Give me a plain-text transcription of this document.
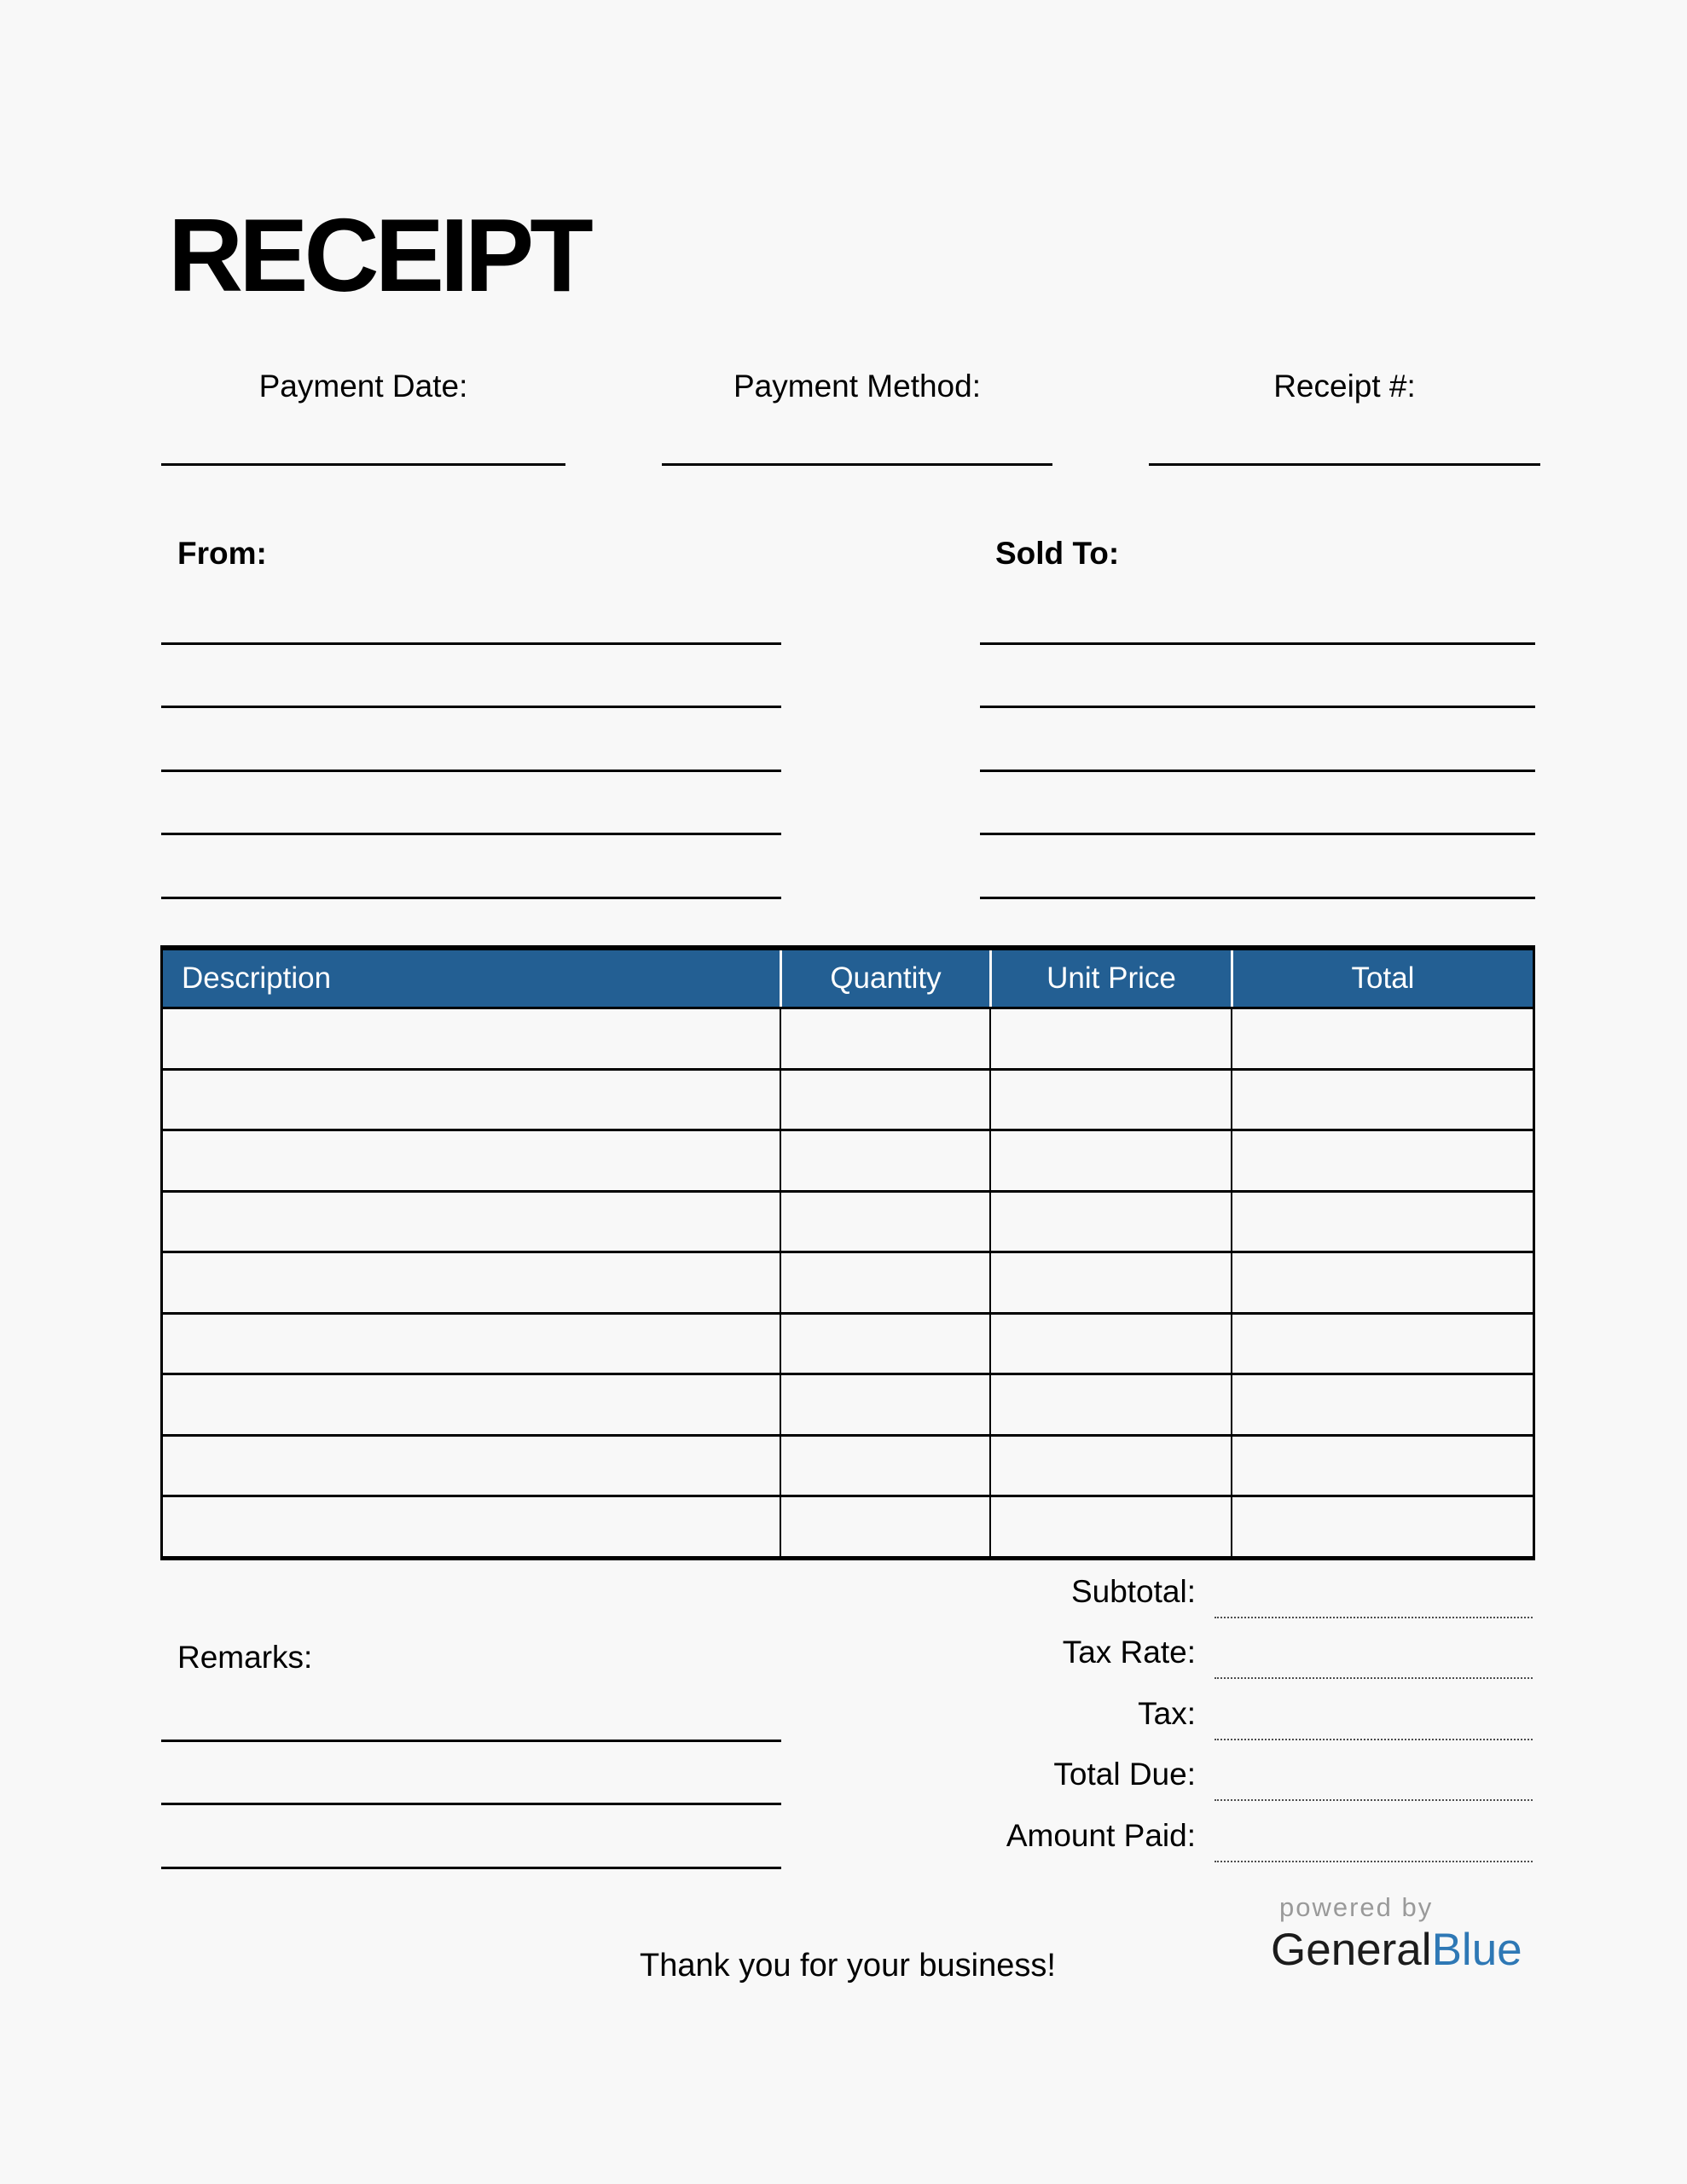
RECEIPT
Payment Date:	Payment Method:	Receipt #:
From:	Sold To:
Description	Quantity	Unit Price	Total
Subtotal:
Tax Rate:
Tax:
Total Due:
Amount Paid:
Remarks:
Thank you for your business!
powered by
GeneralBlue
